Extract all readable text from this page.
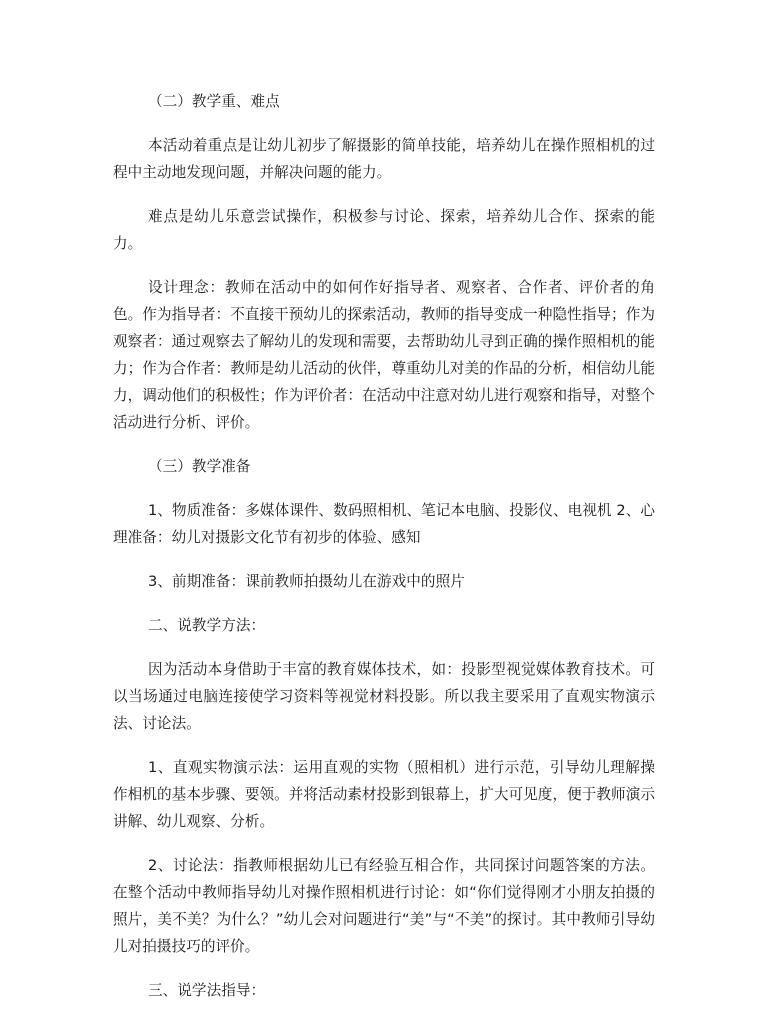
（二）教学重、难点

本活动着重点是让幼儿初步了解摄影的简单技能，培养幼儿在操作照相机的过程中主动地发现问题，并解决问题的能力。

难点是幼儿乐意尝试操作，积极参与讨论、探索，培养幼儿合作、探索的能力。

设计理念：教师在活动中的如何作好指导者、观察者、合作者、评价者的角色。作为指导者：不直接干预幼儿的探索活动，教师的指导变成一种隐性指导；作为观察者：通过观察去了解幼儿的发现和需要，去帮助幼儿寻到正确的操作照相机的能力；作为合作者：教师是幼儿活动的伙伴，尊重幼儿对美的作品的分析，相信幼儿能力，调动他们的积极性；作为评价者：在活动中注意对幼儿进行观察和指导，对整个活动进行分析、评价。

（三）教学准备

1、物质准备：多媒体课件、数码照相机、笔记本电脑、投影仪、电视机 2、心理准备：幼儿对摄影文化节有初步的体验、感知

3、前期准备：课前教师拍摄幼儿在游戏中的照片

二、说教学方法：

因为活动本身借助于丰富的教育媒体技术，如：投影型视觉媒体教育技术。可以当场通过电脑连接使学习资料等视觉材料投影。所以我主要采用了直观实物演示法、讨论法。

1、直观实物演示法：运用直观的实物（照相机）进行示范，引导幼儿理解操作相机的基本步骤、要领。并将活动素材投影到银幕上，扩大可见度，便于教师演示讲解、幼儿观察、分析。

2、讨论法：指教师根据幼儿已有经验互相合作，共同探讨问题答案的方法。在整个活动中教师指导幼儿对操作照相机进行讨论：如“你们觉得刚才小朋友拍摄的照片，美不美？为什么？”幼儿会对问题进行“美”与“不美”的探讨。其中教师引导幼儿对拍摄技巧的评价。

三、说学法指导：
